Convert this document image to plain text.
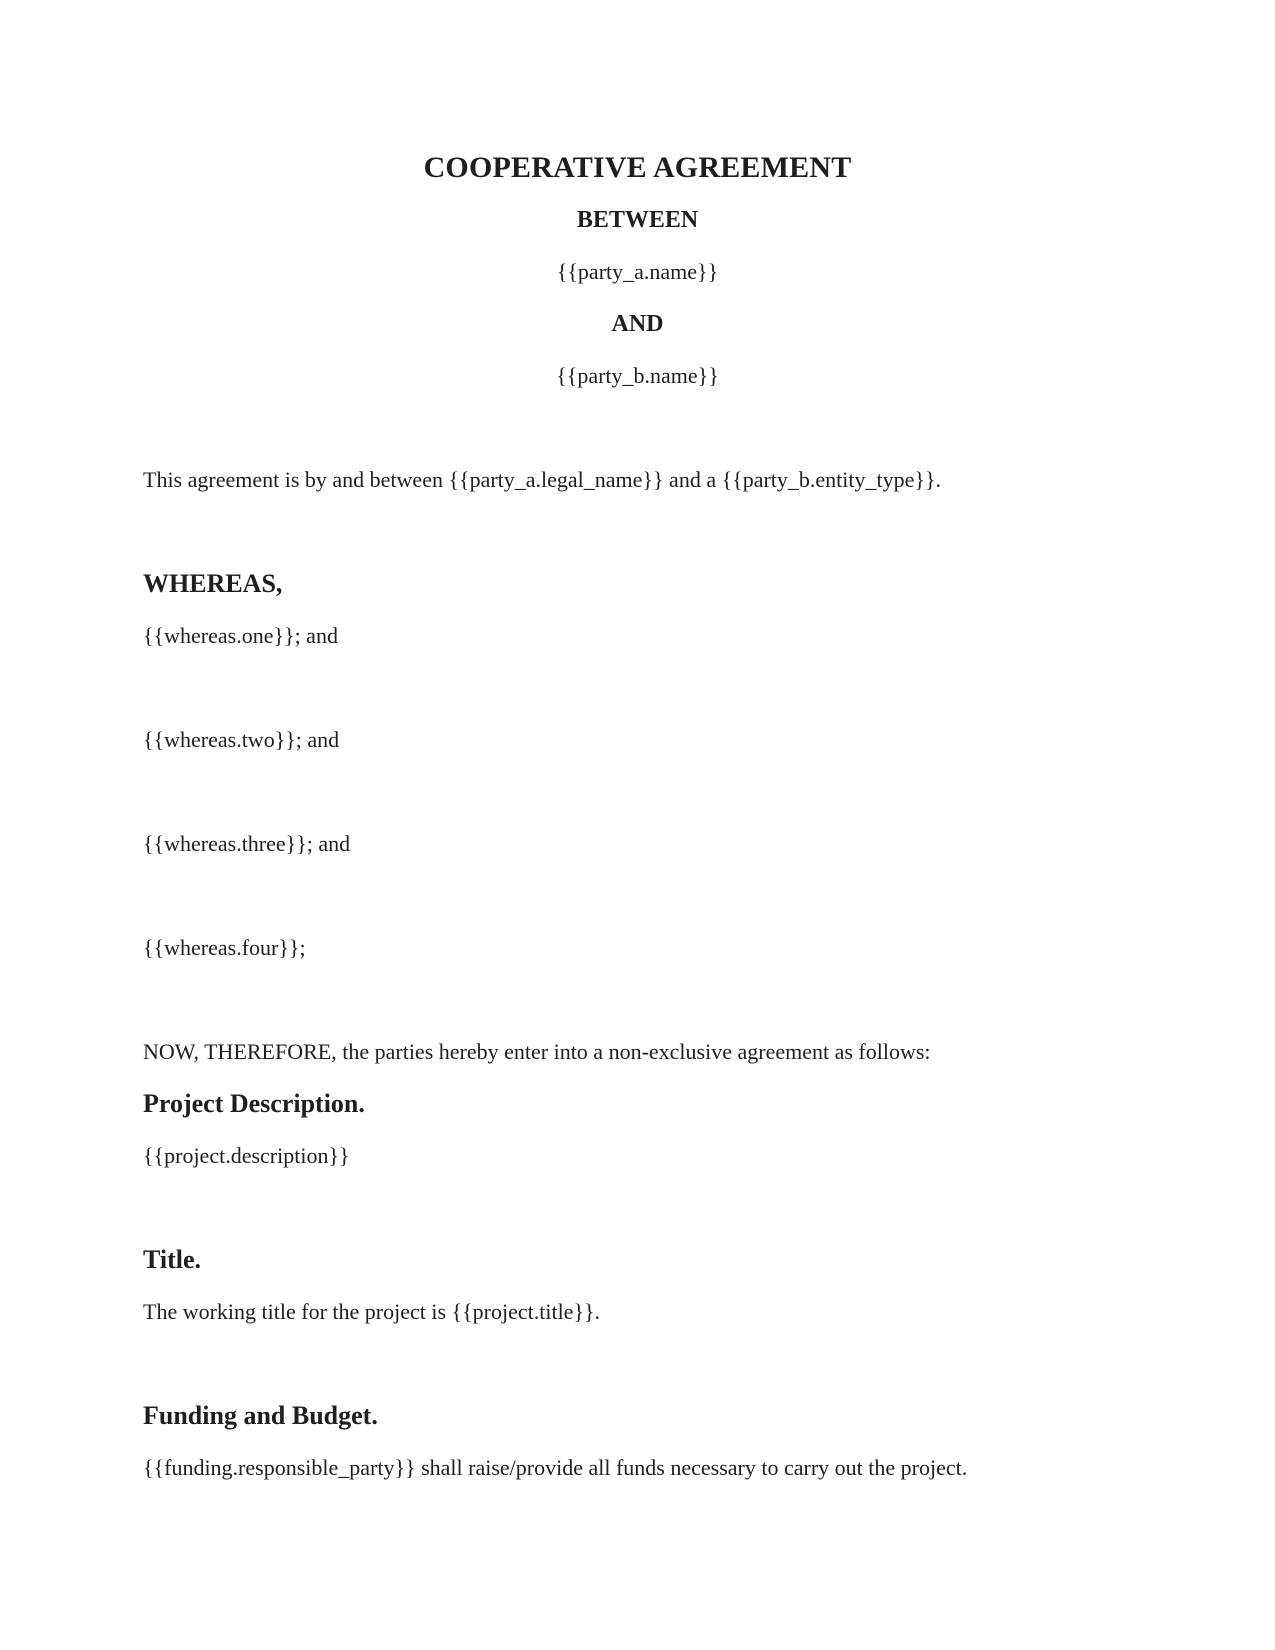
COOPERATIVE AGREEMENT

BETWEEN

{{party_a.name}}

AND

{{party_b.name}}

This agreement is by and between {{party_a.legal_name}} and a {{party_b.entity_type}}.

WHEREAS,

{{whereas.one}}; and

{{whereas.two}}; and

{{whereas.three}}; and

{{whereas.four}};

NOW, THEREFORE, the parties hereby enter into a non-exclusive agreement as follows:

Project Description.

{{project.description}}

Title.

The working title for the project is {{project.title}}.

Funding and Budget.

{{funding.responsible_party}} shall raise/provide all funds necessary to carry out the project.
